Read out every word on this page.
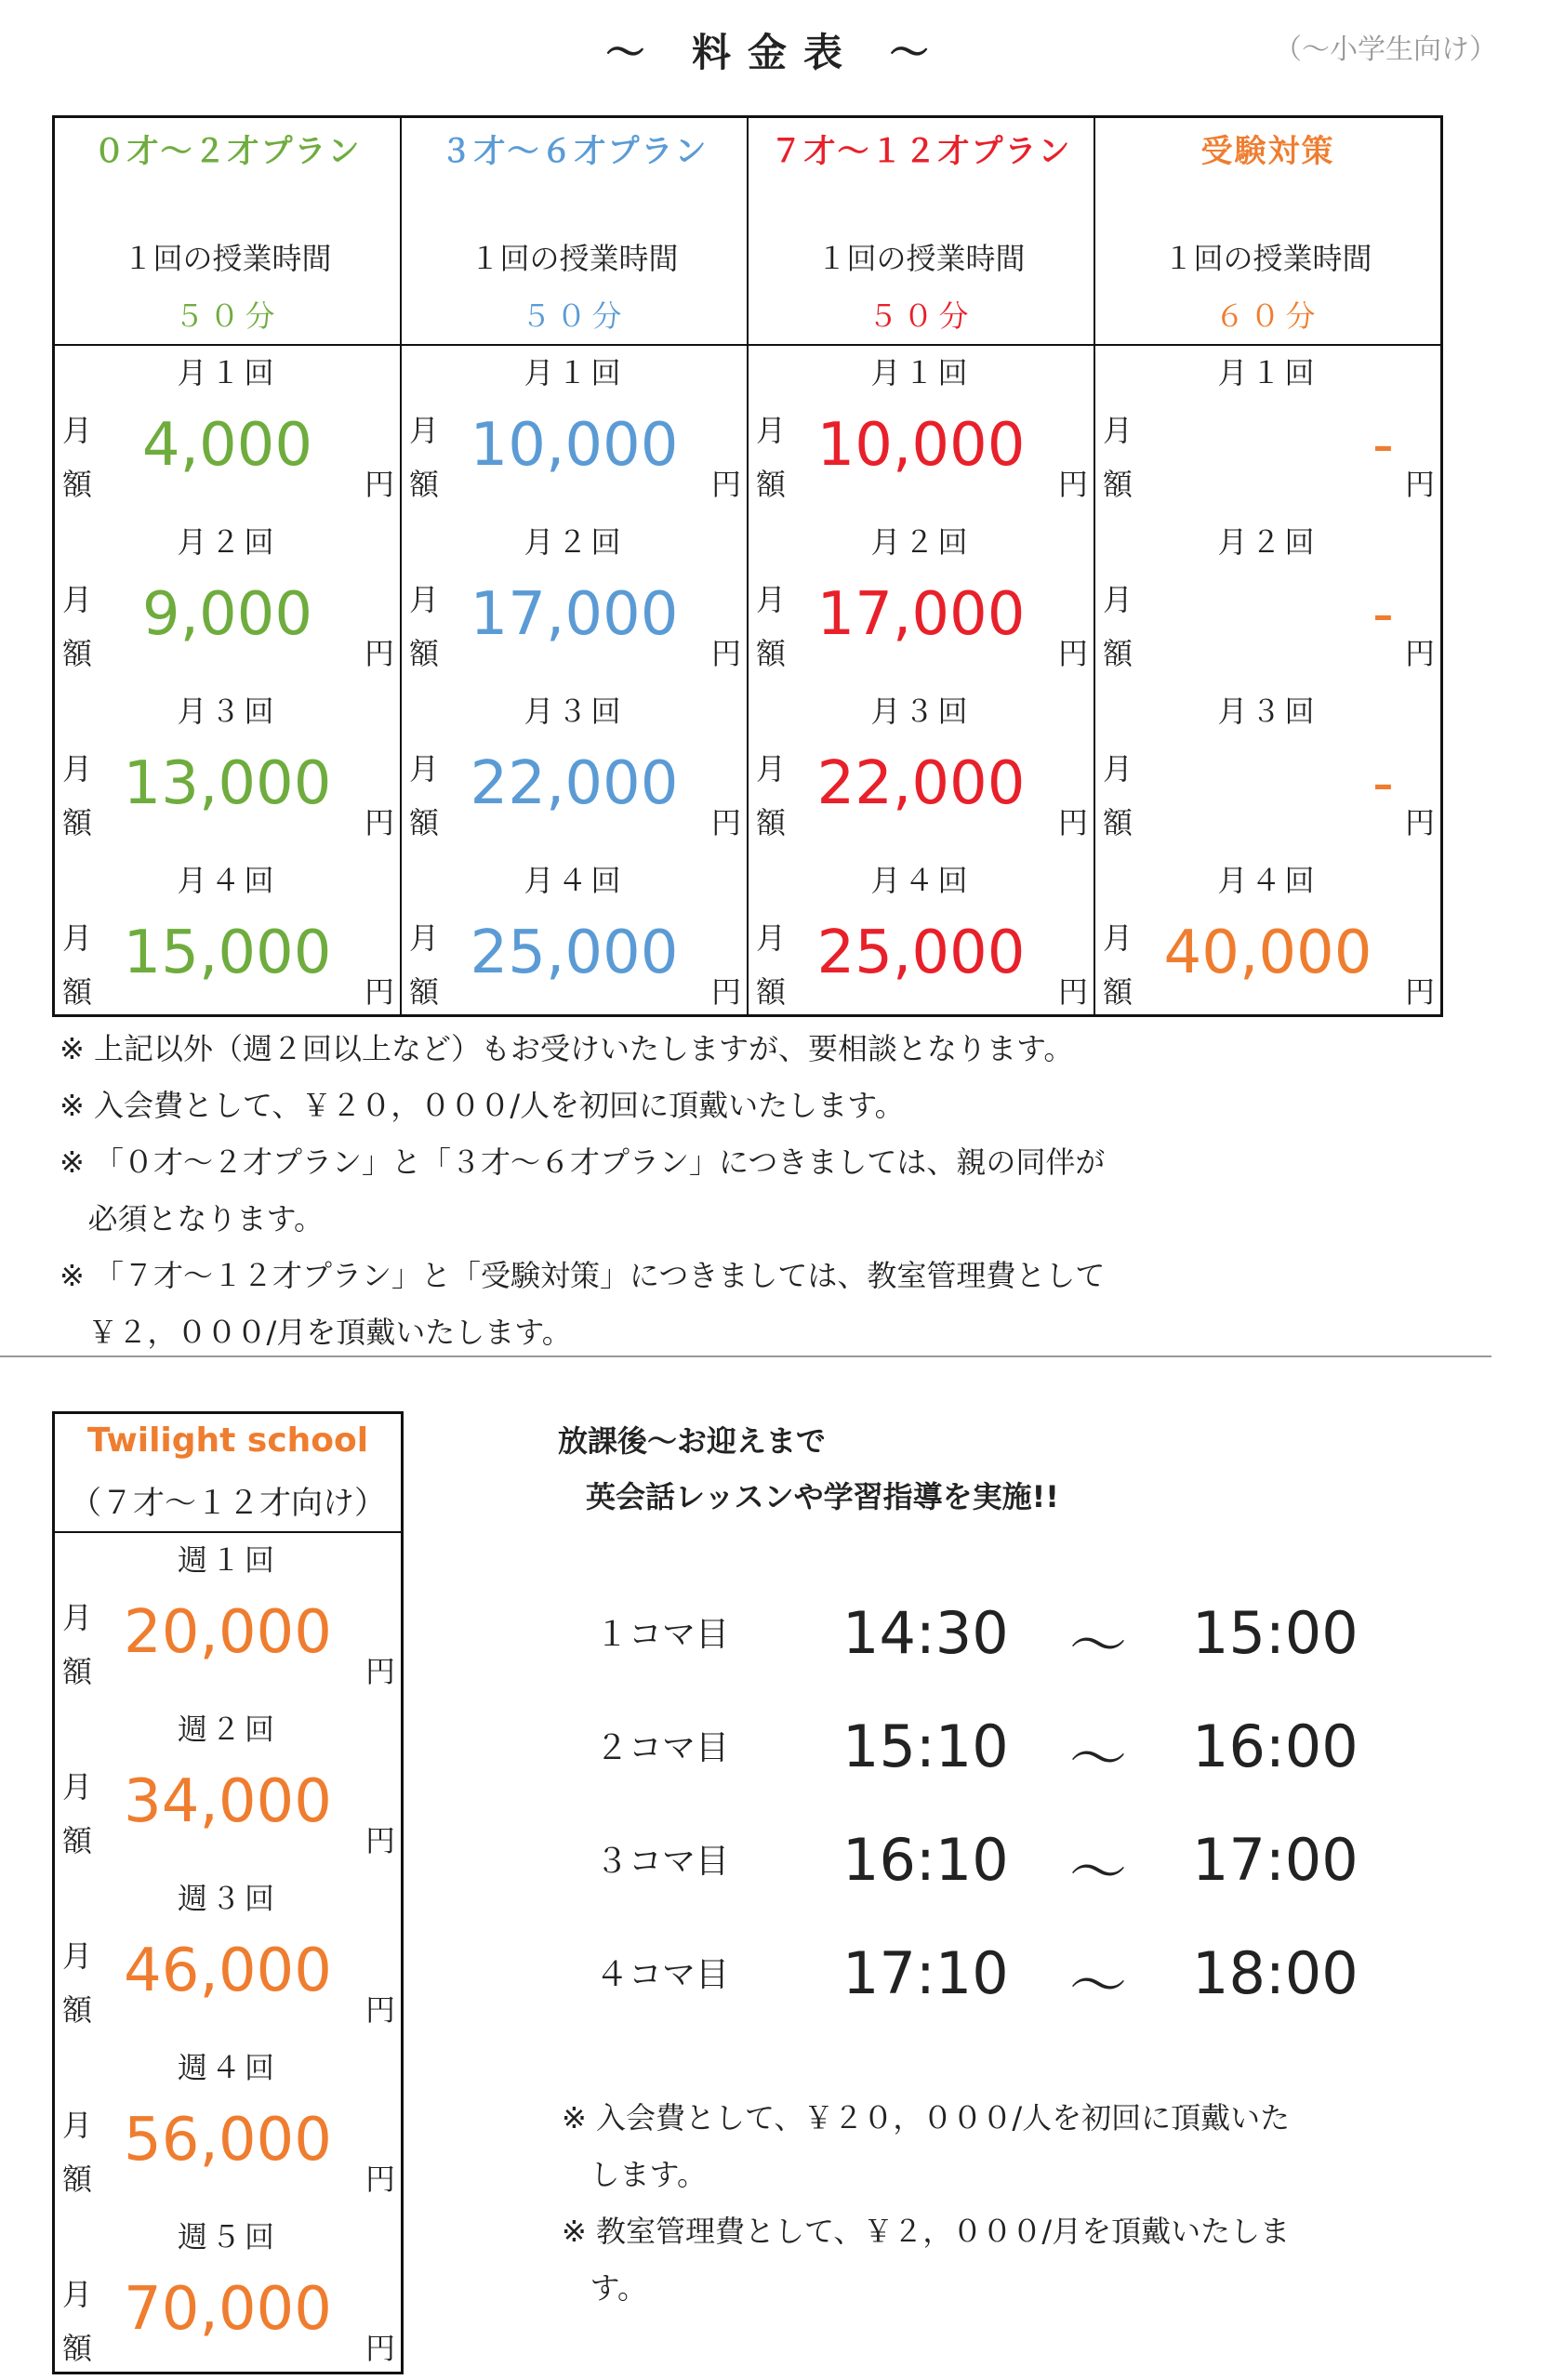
～ 料金表 ～	（～小学生向け）
０才～２才プラン
１回の授業時間
５０分
月１回
月
額
4,000
円
月２回
月
額
9,000
円
月３回
月
額
13,000
円
月４回
月
額
15,000
円
３才～６才プラン
１回の授業時間
５０分
月１回
月
額
10,000
円
月２回
月
額
17,000
円
月３回
月
額
22,000
円
月４回
月
額
25,000
円
７才～１２才プラン
１回の授業時間
５０分
月１回
月
額
10,000
円
月２回
月
額
17,000
円
月３回
月
額
22,000
円
月４回
月
額
25,000
円
受験対策
１回の授業時間
６０分
月１回
月
額
-
円
月２回
月
額
-
円
月３回
月
額
-
円
月４回
月
額
40,000
円
※ 上記以外（週２回以上など）もお受けいたしますが、要相談となります。
※ 入会費として、￥２０，０００/人を初回に頂戴いたします。
※ 「０才～２才プラン」と「３才～６才プラン」につきましては、親の同伴が
必須となります。
※ 「７才～１２才プラン」と「受験対策」につきましては、教室管理費として
￥２，０００/月を頂戴いたします。
Twilight school
（７才～１２才向け）
週１回
月
額
20,000
円
週２回
月
額
34,000
円
週３回
月
額
46,000
円
週４回
月
額
56,000
円
週５回
月
額
70,000
円
放課後～お迎えまで
英会話レッスンや学習指導を実施!!
１コマ目 14:30 ～ 15:00
２コマ目 15:10 ～ 16:00
３コマ目 16:10 ～ 17:00
４コマ目 17:10 ～ 18:00
※ 入会費として、￥２０，０００/人を初回に頂戴いた
します。
※ 教室管理費として、￥２，０００/月を頂戴いたしま
す。
